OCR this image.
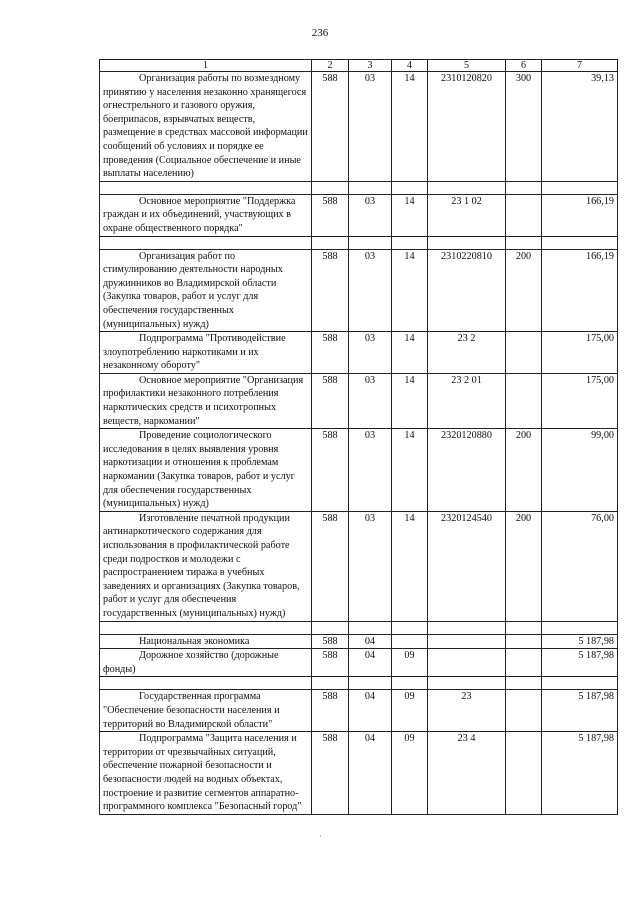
236
1	2	3	4	5	6	7
Организация работы по возмездному принятию у населения незаконно хранящегося огнестрельного и газового оружия, боеприпасов, взрывчатых веществ, размещение в средствах массовой информации сообщений об условиях и порядке ее проведения (Социальное обеспечение и иные выплаты населению)	588	03	14	2310120820	300	39,13

Основное мероприятие "Поддержка граждан и их объединений, участвующих в охране общественного порядка"	588	03	14	23 1 02		166,19

Организация работ по стимулированию деятельности народных дружинников во Владимирской области (Закупка товаров, работ и услуг для обеспечения государственных (муниципальных) нужд)	588	03	14	2310220810	200	166,19
Подпрограмма "Противодействие злоупотреблению наркотиками и их незаконному обороту"	588	03	14	23 2		175,00
Основное мероприятие "Организация профилактики незаконного потребления наркотических средств и психотропных веществ, наркомании"	588	03	14	23 2 01		175,00
Проведение социологического исследования в целях выявления уровня наркотизации и отношения к проблемам наркомании (Закупка товаров, работ и услуг для обеспечения государственных (муниципальных) нужд)	588	03	14	2320120880	200	99,00
Изготовление печатной продукции антинаркотического содержания для использования в профилактической работе среди подростков и молодежи с распространением тиража в учебных заведениях и организациях (Закупка товаров, работ и услуг для обеспечения государственных (муниципальных) нужд)	588	03	14	2320124540	200	76,00

Национальная экономика	588	04				5 187,98
Дорожное хозяйство (дорожные фонды)	588	04	09			5 187,98

Государственная программа "Обеспечение безопасности населения и территорий во Владимирской области"	588	04	09	23		5 187,98
Подпрограмма "Защита населения и территории от чрезвычайных ситуаций, обеспечение пожарной безопасности и безопасности людей на водных объектах, построение и развитие сегментов аппаратно-программного комплекса "Безопасный город"	588	04	09	23 4		5 187,98
·
